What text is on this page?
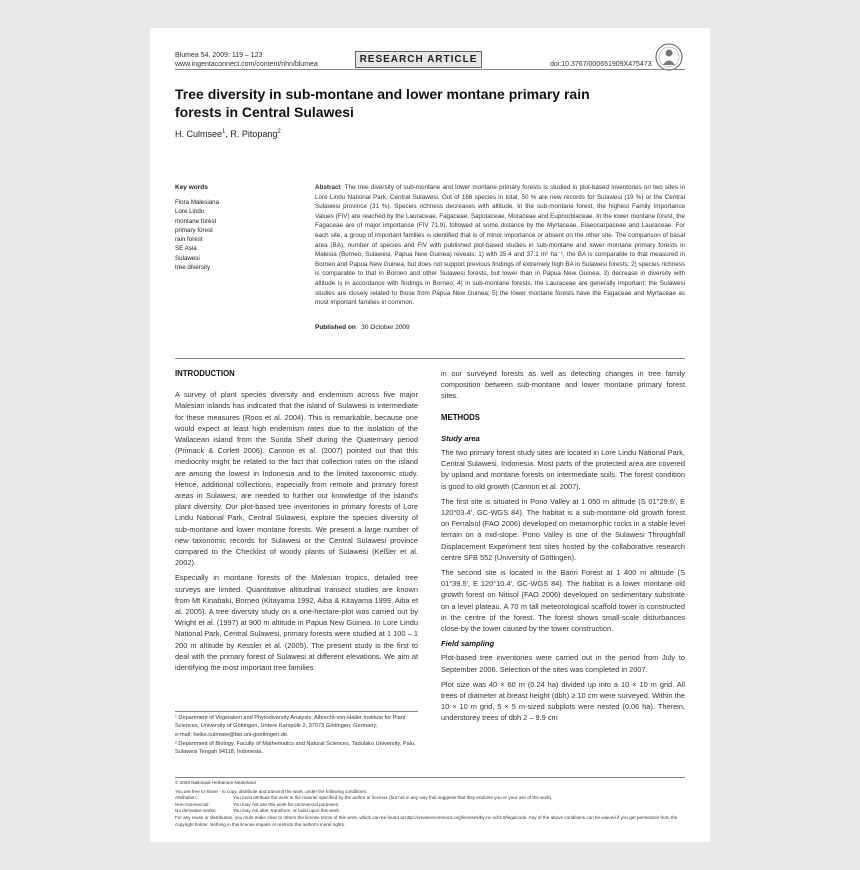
Blumea 54, 2009: 119 – 123
www.ingentaconnect.com/content/nhn/blumea	RESEARCH ARTICLE	doi:10.3767/000651909X475473
Tree diversity in sub-montane and lower montane primary rain forests in Central Sulawesi
H. Culmsee$^1$, R. Pitopang$^2$
Key words
Flora Malesiana
Lore Lindu
montane forest
primary forest
rain forest
SE Asia
Sulawesi
tree diversity
Abstract The tree diversity of sub-montane and lower montane primary forests is studied in plot-based inventories on two sites in Lore Lindu National Park, Central Sulawesi. Out of 166 species in total, 50 % are new records for Sulawesi (19 %) or the Central Sulawesi province (31 %). Species richness decreases with altitude. In the sub-montane forest, the highest Family Importance Values (FIV) are reached by the Lauraceae, Fagaceae, Sapotaceae, Moraceae and Euphorbiaceae. In the lower montane forest, the Fagaceae are of major importance (FIV 71.9), followed at some distance by the Myrtaceae, Elaeocarpaceae and Lauraceae. For each site, a group of important families is identified that is of minor importance or absent on the other site. The comparison of basal area (BA), number of species and FIV with published plot-based studies in sub-montane and lower montane primary forests in Malesia (Borneo, Sulawesi, Papua New Guinea) reveals: 1) with 35.4 and 37.1 m² ha⁻¹, the BA is comparable to that measured in Borneo and Papua New Guinea, but does not support previous findings of extremely high BA in Sulawesi forests; 2) species richness is comparable to that in Borneo and other Sulawesi forests, but lower than in Papua New Guinea; 3) decrease in diversity with altitude is in accordance with findings in Borneo; 4) in sub-montane forests, the Lauraceae are generally important; the Sulawesi studies are closely related to those from Papua New Guinea; 5) the lower montane forests have the Fagaceae and Myrtaceae as most important families in common.
Published on 30 October 2009
INTRODUCTION

A survey of plant species diversity and endemism across five major Malesian islands has indicated that the island of Sulawesi is intermediate for these measures (Roos et al. 2004). This is remarkable, because one would expect at least high endemism rates due to the isolation of the Wallacean island from the Sunda Shelf during the Quaternary period (Primack & Corlett 2006). Cannon et al. (2007) pointed out that this mediocrity might be related to the fact that collection rates on the island are among the lowest in Indonesia and to the limited taxonomic study. Hence, additional collections, especially from remote and primary forest areas in Sulawesi, are needed to further our knowledge of the island's plant diversity. Our plot-based tree inventories in primary forests of Lore Lindu National Park, Central Sulawesi, explore the species diversity of sub-montane and lower montane forests. We present a large number of new taxonomic records for Sulawesi or the Central Sulawesi province compared to the Checklist of woody plants of Sulawesi (Keßler et al. 2002).

Especially in montane forests of the Malesian tropics, detailed tree surveys are limited. Quantitative altitudinal transect studies are known from Mt Kinabalu, Borneo (Kitayama 1992, Aiba & Kitayama 1999, Aiba et al. 2005). A tree diversity study on a one-hectare-plot was carried out by Wright et al. (1997) at 900 m altitude in Papua New Guinea. In Lore Lindu National Park, Central Sulawesi, primary forests were studied at 1 100 – 1 200 m altitude by Kessler et al. (2005). The present study is the first to deal with the primary forest of Sulawesi at different elevations. We aim at identifying the most important tree families

¹ Department of Vegetation and Phytodiversity Analysis, Albrecht-von-Haller Institute for Plant Sciences, University of Göttingen, Untere Karspüle 2, 37073 Göttingen, Germany;

e-mail: heike.culmsee@bio.uni-goettingen.de.

² Department of Biology, Faculty of Mathematics and Natural Sciences, Tadulako University, Palu, Sulawesi Tengah 94118, Indonesia.

in our surveyed forests as well as detecting changes in tree family composition between sub-montane and lower montane primary forest sites.

METHODS
Study area

The two primary forest study sites are located in Lore Lindu National Park, Central Sulawesi, Indonesia. Most parts of the protected area are covered by upland and montane forests on intermediate soils. The forest condition is good to old growth (Cannon et al. 2007).

The first site is situated in Pono Valley at 1 050 m altitude (S 01°29.6', E 120°03.4', GC-WGS 84). The habitat is a sub-montane old growth forest on Ferralsol (FAO 2006) developed on metamorphic rocks in a stable level terrain on a mid-slope. Pono Valley is one of the Sulawesi Throughfall Displacement Experiment test sites hosted by the collaborative research centre SFB 552 (University of Göttingen).

The second site is located in the Bariri Forest at 1 400 m altitude (S 01°39.5', E 120°10.4', GC-WGS 84). The habitat is a lower montane old growth forest on Nitisol (FAO 2006) developed on sedimentary substrate on a level plateau. A 70 m tall meteorological scaffold tower is constructed in the centre of the forest. The forest shows small-scale disturbances close-by the tower caused by the tower construction.

Field sampling

Plot-based tree inventories were carried out in the period from July to September 2006. Selection of the sites was completed in 2007.

Plot size was 40 × 60 m (0.24 ha) divided up into a 10 × 10 m grid. All trees of diameter at breast height (dbh) ≥ 10 cm were surveyed. Within the 10 × 10 m grid, 5 × 5 m-sized subplots were nested (0.06 ha). Therein, understorey trees of dbh 2 – 9.9 cm

© 2009 Nationaal Herbarium Nederland
You are free to share - to copy, distribute and transmit the work, under the following conditions:
Attribution:	You must attribute the work in the manner specified by the author or licensor (but not in any way that suggests that they endorse you or your use of the work).
Non-commercial:	You may not use this work for commercial purposes.
No derivative works:	You may not alter, transform, or build upon this work.
For any reuse or distribution, you must make clear to others the license terms of this work, which can be found at http://creativecommons.org/licenses/by-nc-nd/3.0/legalcode. Any of the above conditions can be waived if you get permission from the copyright holder. Nothing in this license impairs or restricts the author's moral rights.
